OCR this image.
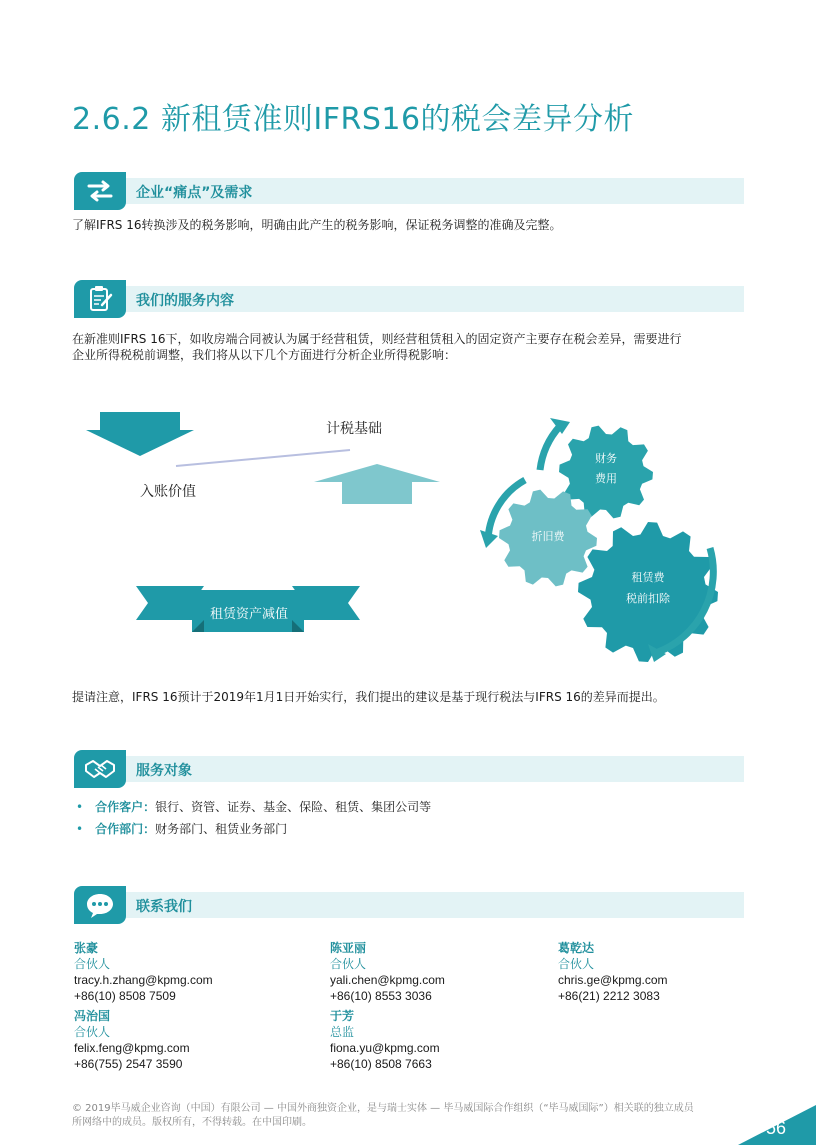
2.6.2 新租赁准则IFRS16的税会差异分析
企业“痛点”及需求
了解IFRS 16转换涉及的税务影响，明确由此产生的税务影响，保证税务调整的准确及完整。
我们的服务内容
在新准则IFRS 16下，如收房端合同被认为属于经营租赁，则经营租赁租入的固定资产主要存在税会差异，需要进行
企业所得税税前调整，我们将从以下几个方面进行分析企业所得税影响：
入账价值
计税基础
租赁资产减值
财务
费用
折旧费
租赁费
税前扣除
提请注意，IFRS 16预计于2019年1月1日开始实行，我们提出的建议是基于现行税法与IFRS 16的差异而提出。
服务对象
• 合作客户：银行、资管、证券、基金、保险、租赁、集团公司等
• 合作部门：财务部门、租赁业务部门
联系我们
张豪
合伙人
tracy.h.zhang@kpmg.com
+86(10) 8508 7509
陈亚丽
合伙人
yali.chen@kpmg.com
+86(10) 8553 3036
葛乾达
合伙人
chris.ge@kpmg.com
+86(21) 2212 3083
冯治国
合伙人
felix.feng@kpmg.com
+86(755) 2547 3590
于芳
总监
fiona.yu@kpmg.com
+86(10) 8508 7663
© 2019毕马威企业咨询（中国）有限公司 — 中国外商独资企业，是与瑞士实体 — 毕马威国际合作组织（“毕马威国际”）相关联的独立成员
所网络中的成员。版权所有，不得转载。在中国印刷。	56
